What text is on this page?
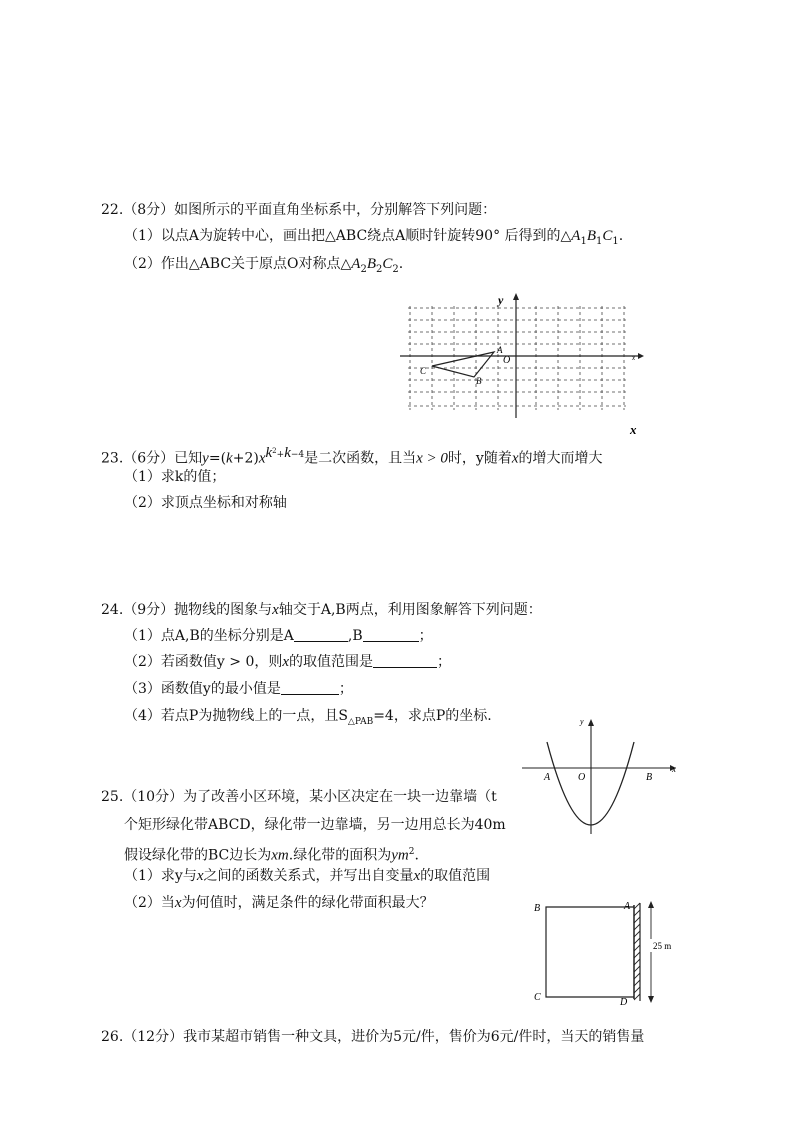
22.（8分）如图所示的平面直角坐标系中，分别解答下列问题：
（1）以点A为旋转中心，画出把△ABC绕点A顺时针旋转90° 后得到的$\triangle A_1B_1C_1$.
（2）作出△ABC关于原点O对称点$\triangle A_2B_2C_2$.
y
x
O
A
B
C
x
23.（6分）已知$y=(k+2)x^{k^2+k-4}$是二次函数，且当x > 0时，y随着x的增大而增大
（1）求k的值；
（2）求顶点坐标和对称轴
24.（9分）抛物线的图象与x轴交于A,B两点，利用图象解答下列问题：
（1）点A,B的坐标分别是A	,B	；
（2）若函数值y > 0，则x的取值范围是	；
（3）函数值y的最小值是	；
（4）若点P为抛物线上的一点，且$S_{\triangle PAB}=4$，求点P的坐标.	y
x
O
A	B
25.（10分）为了改善小区环境，某小区决定在一块一边靠墙（t
个矩形绿化带ABCD，绿化带一边靠墙，另一边用总长为40m
假设绿化带的BC边长为xm.绿化带的面积为$ym^2$.
（1）求y与x之间的函数关系式，并写出自变量x的取值范围
（2）当x为何值时，满足条件的绿化带面积最大？
25 m
A
B
C	D
26.（12分）我市某超市销售一种文具，进价为5元/件，售价为6元/件时，当天的销售量
